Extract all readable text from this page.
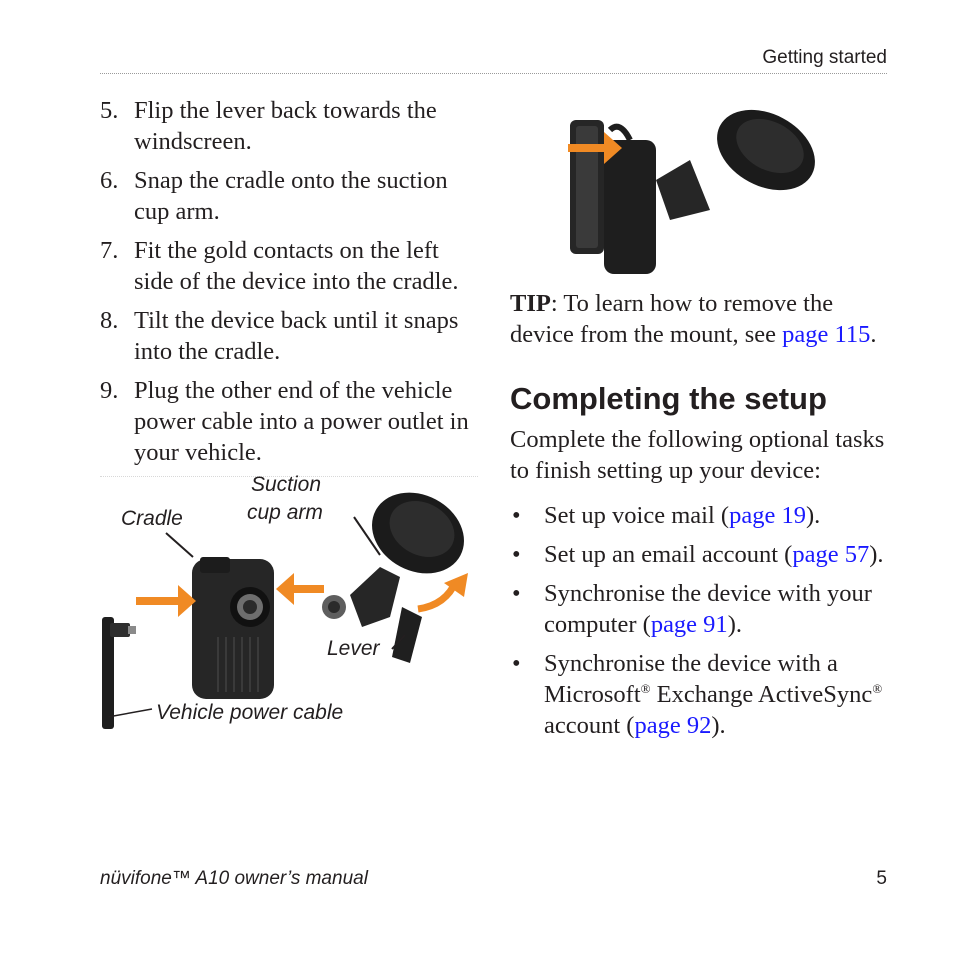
Getting started
5. Flip the lever back towards the windscreen.
6. Snap the cradle onto the suction cup arm.
7. Fit the gold contacts on the left side of the device into the cradle.
8. Tilt the device back until it snaps into the cradle.
9. Plug the other end of the vehicle power cable into a power outlet in your vehicle.
Cradle
Suction
cup arm
Lever
Vehicle power cable

TIP: To learn how to remove the device from the mount, see page 115.

Completing the setup

Complete the following optional tasks to finish setting up your device:

• Set up voice mail (page 19).
• Set up an email account (page 57).
• Synchronise the device with your computer (page 91).
• Synchronise the device with a Microsoft® Exchange ActiveSync® account (page 92).
nüvifone™ A10 owner’s manual	5
